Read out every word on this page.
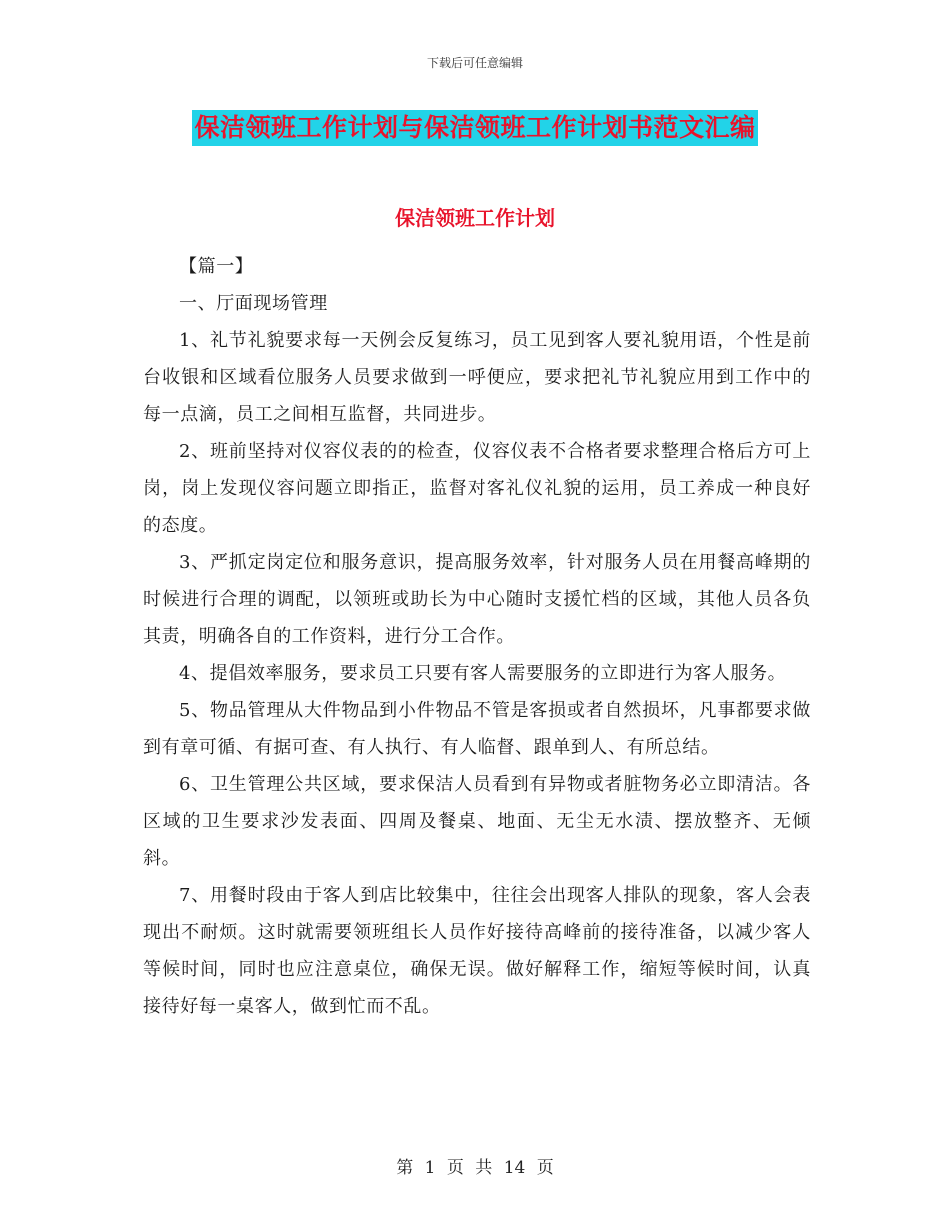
下载后可任意编辑
保洁领班工作计划与保洁领班工作计划书范文汇编
保洁领班工作计划

【篇一】

一、厅面现场管理

1、礼节礼貌要求每一天例会反复练习，员工见到客人要礼貌用语，个性是前台收银和区域看位服务人员要求做到一呼便应，要求把礼节礼貌应用到工作中的每一点滴，员工之间相互监督，共同进步。

2、班前坚持对仪容仪表的的检查，仪容仪表不合格者要求整理合格后方可上岗，岗上发现仪容问题立即指正，监督对客礼仪礼貌的运用，员工养成一种良好的态度。

3、严抓定岗定位和服务意识，提高服务效率，针对服务人员在用餐高峰期的时候进行合理的调配，以领班或助长为中心随时支援忙档的区域，其他人员各负其责，明确各自的工作资料，进行分工合作。

4、提倡效率服务，要求员工只要有客人需要服务的立即进行为客人服务。

5、物品管理从大件物品到小件物品不管是客损或者自然损坏，凡事都要求做到有章可循、有据可查、有人执行、有人临督、跟单到人、有所总结。

6、卫生管理公共区域，要求保洁人员看到有异物或者脏物务必立即清洁。各区域的卫生要求沙发表面、四周及餐桌、地面、无尘无水渍、摆放整齐、无倾斜。

7、用餐时段由于客人到店比较集中，往往会出现客人排队的现象，客人会表现出不耐烦。这时就需要领班组长人员作好接待高峰前的接待准备，以减少客人等候时间，同时也应注意桌位，确保无误。做好解释工作，缩短等候时间，认真接待好每一桌客人，做到忙而不乱。

第 1 页 共 14 页
